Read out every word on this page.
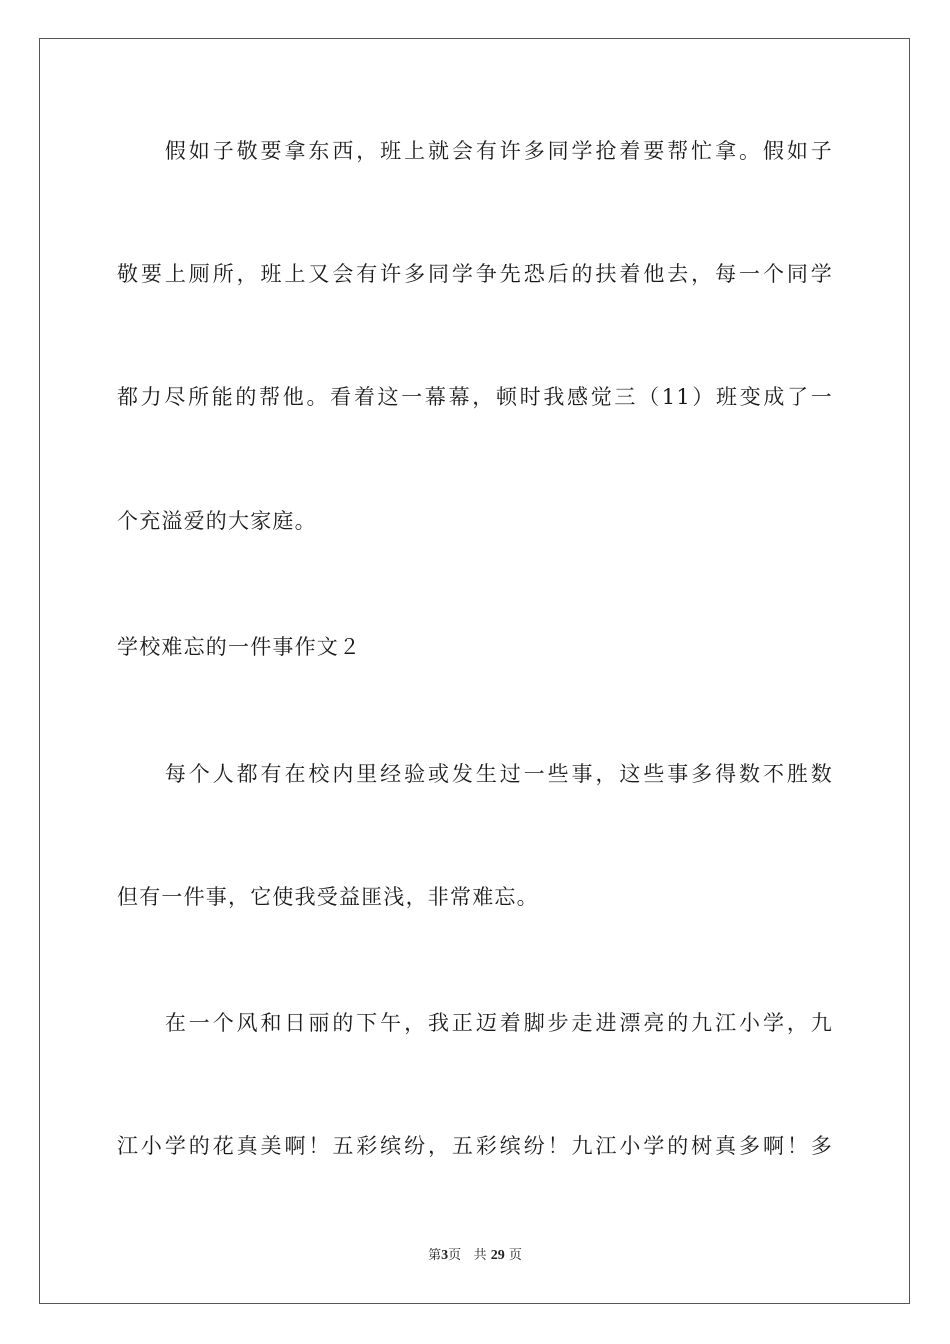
　　假如子敬要拿东西，班上就会有许多同学抢着要帮忙拿。假如子
敬要上厕所，班上又会有许多同学争先恐后的扶着他去，每一个同学
都力尽所能的帮他。看着这一幕幕，顿时我感觉三（11）班变成了一
个充溢爱的大家庭。
学校难忘的一件事作文２
　　每个人都有在校内里经验或发生过一些事，这些事多得数不胜数
但有一件事，它使我受益匪浅，非常难忘。
　　在一个风和日丽的下午，我正迈着脚步走进漂亮的九江小学，九
江小学的花真美啊！五彩缤纷，五彩缤纷！九江小学的树真多啊！多
第3页 共 29 页
